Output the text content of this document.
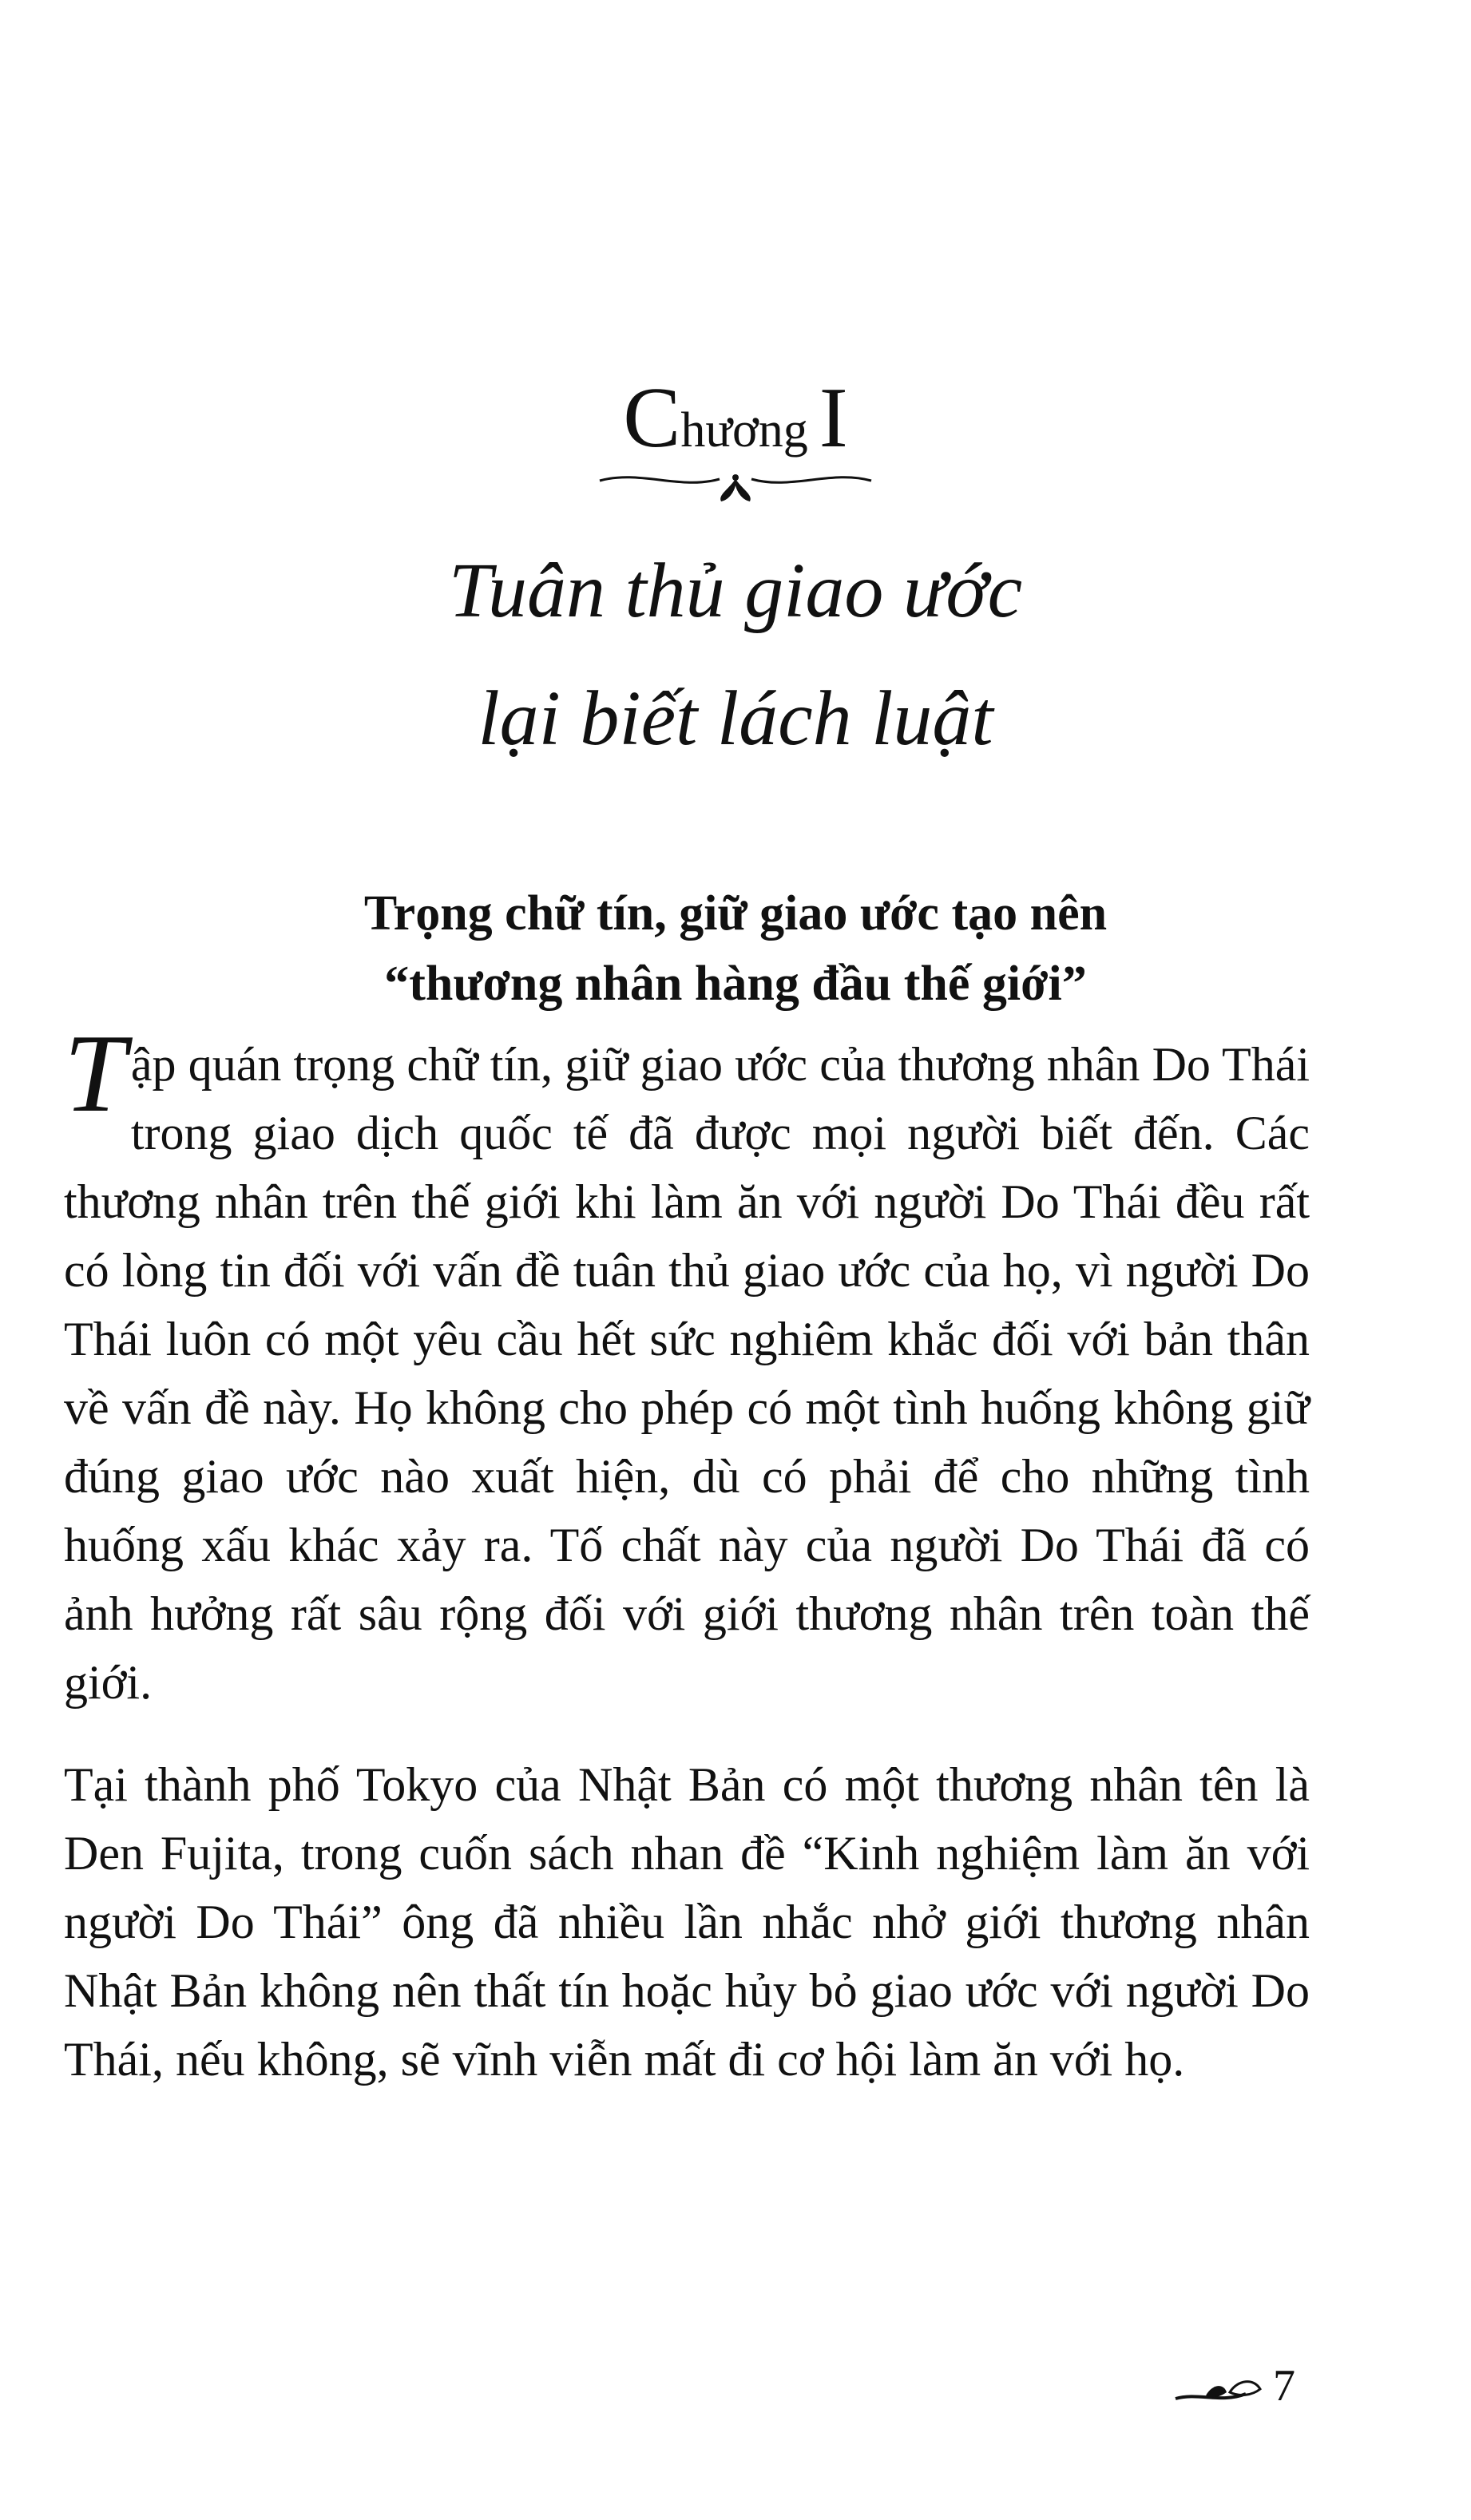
Chương I
Tuân thủ giao ước
lại biết lách luật
Trọng chữ tín, giữ giao ước tạo nên
“thương nhân hàng đầu thế giới”

Tập quán trọng chữ tín, giữ giao ước của thương nhân Do Thái trong giao dịch quốc tế đã được mọi người biết đến. Các thương nhân trên thế giới khi làm ăn với người Do Thái đều rất có lòng tin đối với vấn đề tuân thủ giao ước của họ, vì người Do Thái luôn có một yêu cầu hết sức nghiêm khắc đối với bản thân về vấn đề này. Họ không cho phép có một tình huống không giữ đúng giao ước nào xuất hiện, dù có phải để cho những tình huống xấu khác xảy ra. Tố chất này của người Do Thái đã có ảnh hưởng rất sâu rộng đối với giới thương nhân trên toàn thế giới.

Tại thành phố Tokyo của Nhật Bản có một thương nhân tên là Den Fujita, trong cuốn sách nhan đề “Kinh nghiệm làm ăn với người Do Thái” ông đã nhiều lần nhắc nhở giới thương nhân Nhật Bản không nên thất tín hoặc hủy bỏ giao ước với người Do Thái, nếu không, sẽ vĩnh viễn mất đi cơ hội làm ăn với họ.

7
